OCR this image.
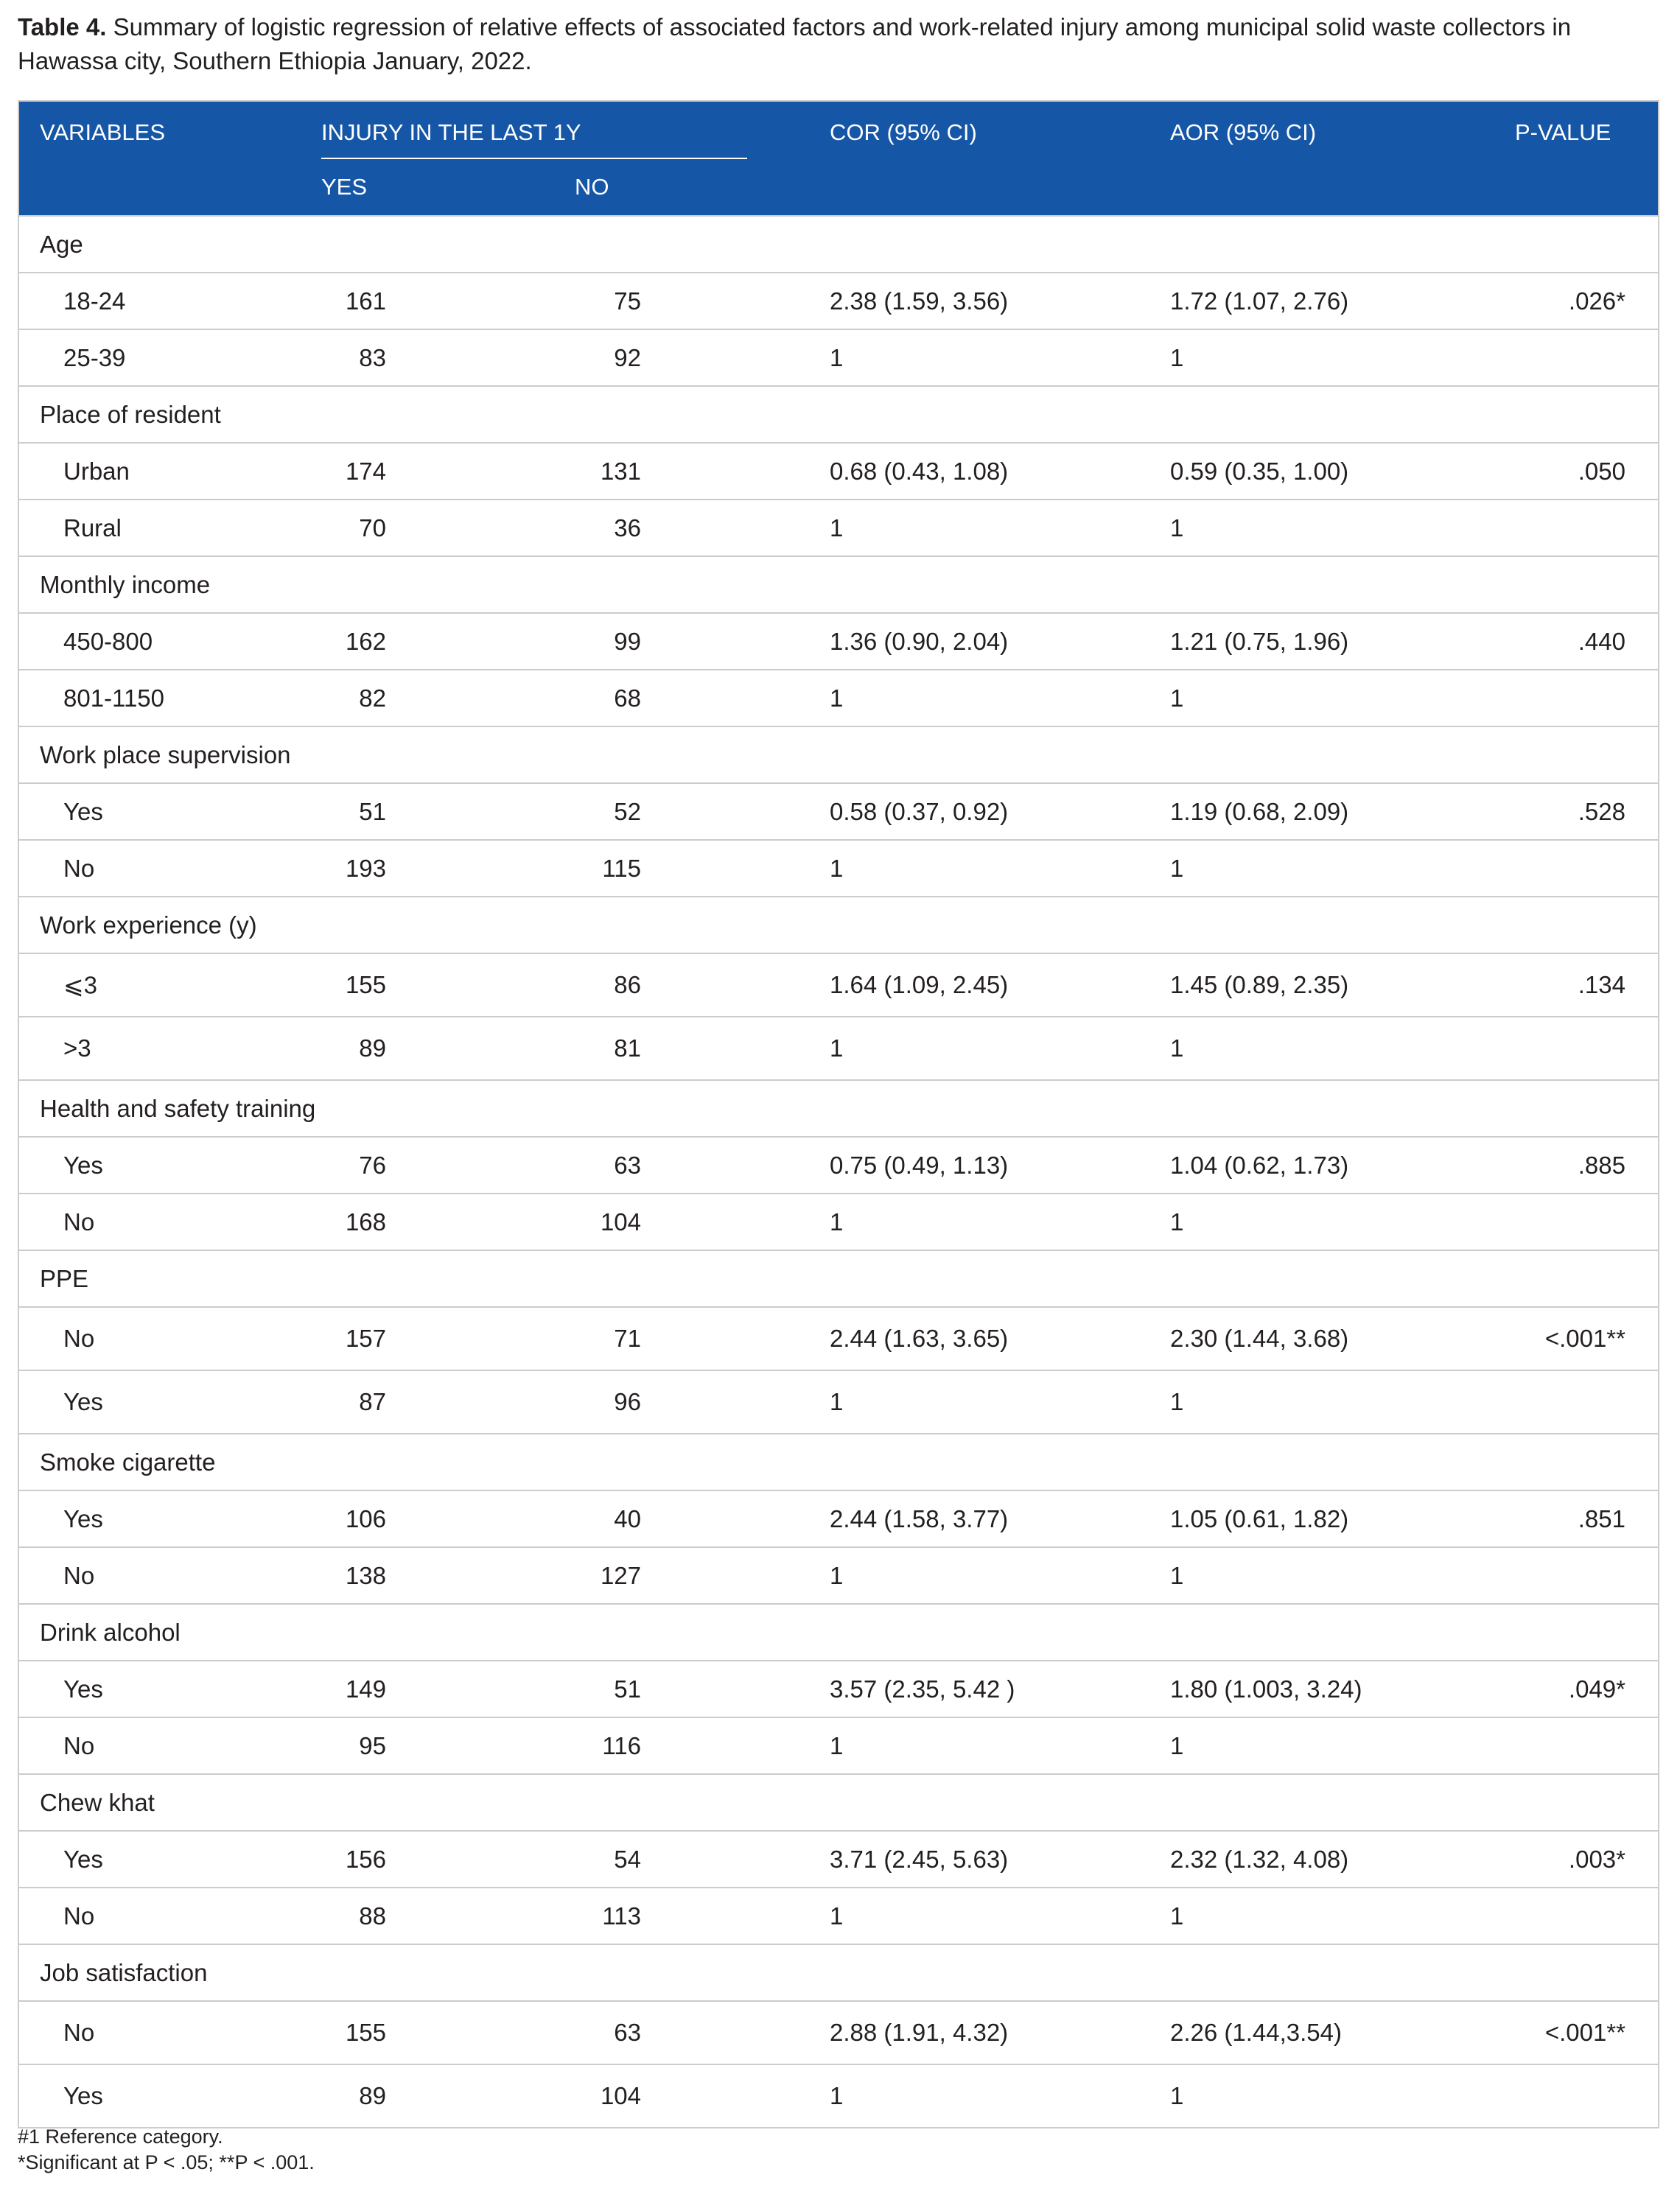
Table 4. Summary of logistic regression of relative effects of associated factors and work-related injury among municipal solid waste collectors in Hawassa city, Southern Ethiopia January, 2022.
VARIABLES	INJURY IN THE LAST 1Y
YES	NO
COR (95% CI)	AOR (95% CI)	P-VALUE
Age
18-24	161	75	2.38 (1.59, 3.56)	1.72 (1.07, 2.76)	.026*
25-39	83	92	1	1
Place of resident
Urban	174	131	0.68 (0.43, 1.08)	0.59 (0.35, 1.00)	.050
Rural	70	36	1	1
Monthly income
450-800	162	99	1.36 (0.90, 2.04)	1.21 (0.75, 1.96)	.440
801-1150	82	68	1	1
Work place supervision
Yes	51	52	0.58 (0.37, 0.92)	1.19 (0.68, 2.09)	.528
No	193	115	1	1
Work experience (y)
⩽3	155	86	1.64 (1.09, 2.45)	1.45 (0.89, 2.35)	.134
>3	89	81	1	1
Health and safety training
Yes	76	63	0.75 (0.49, 1.13)	1.04 (0.62, 1.73)	.885
No	168	104	1	1
PPE
No	157	71	2.44 (1.63, 3.65)	2.30 (1.44, 3.68)	<.001**
Yes	87	96	1	1
Smoke cigarette
Yes	106	40	2.44 (1.58, 3.77)	1.05 (0.61, 1.82)	.851
No	138	127	1	1
Drink alcohol
Yes	149	51	3.57 (2.35, 5.42 )	1.80 (1.003, 3.24)	.049*
No	95	116	1	1
Chew khat
Yes	156	54	3.71 (2.45, 5.63)	2.32 (1.32, 4.08)	.003*
No	88	113	1	1
Job satisfaction
No	155	63	2.88 (1.91, 4.32)	2.26 (1.44,3.54)	<.001**
Yes	89	104	1	1
#1 Reference category.
*Significant at P < .05; **P < .001.
